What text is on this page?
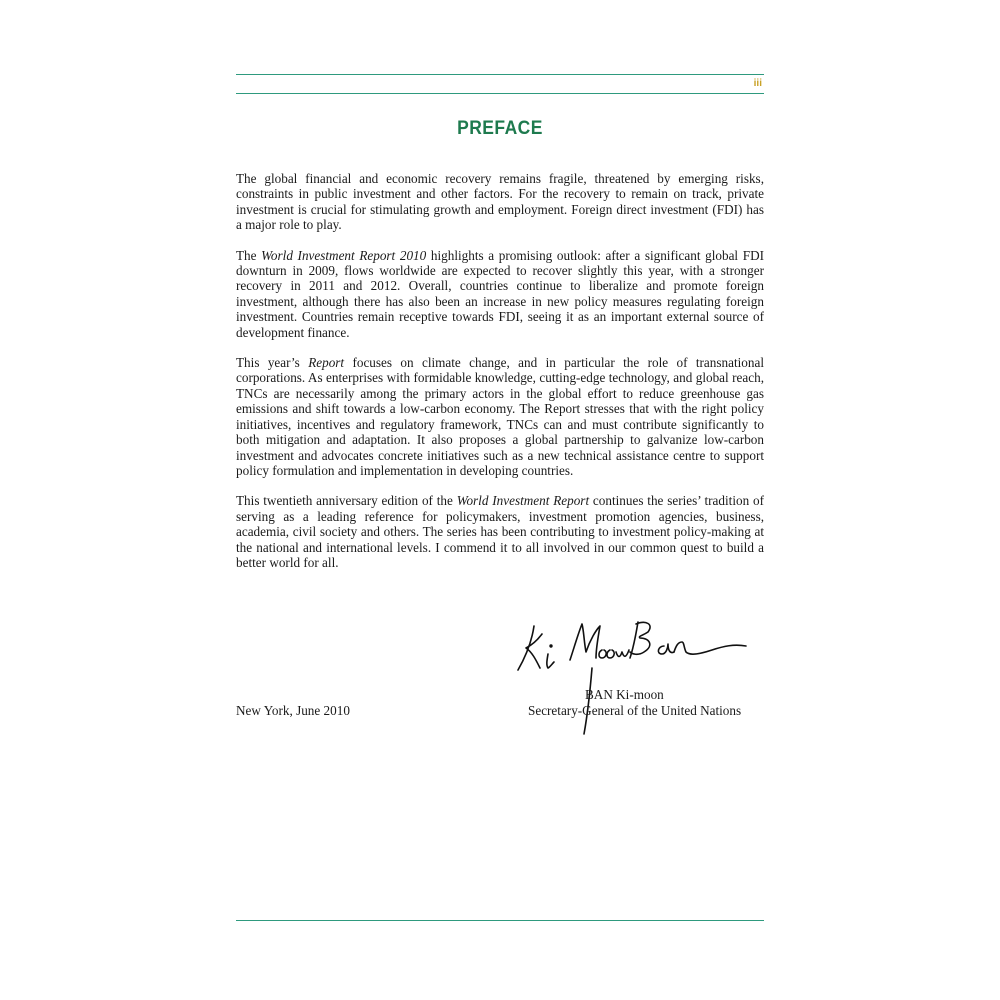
iii
PREFACE

The global financial and economic recovery remains fragile, threatened by emerging risks, constraints in public investment and other factors. For the recovery to remain on track, private investment is crucial for stimulating growth and employment. Foreign direct investment (FDI) has a major role to play.

The World Investment Report 2010 highlights a promising outlook: after a significant global FDI downturn in 2009, flows worldwide are expected to recover slightly this year, with a stronger recovery in 2011 and 2012. Overall, countries continue to liberalize and promote foreign investment, although there has also been an increase in new policy measures regulating foreign investment. Countries remain receptive towards FDI, seeing it as an important external source of development finance.

This year’s Report focuses on climate change, and in particular the role of transnational corporations. As enterprises with formidable knowledge, cutting-edge technology, and global reach, TNCs are necessarily among the primary actors in the global effort to reduce greenhouse gas emissions and shift towards a low-carbon economy. The Report stresses that with the right policy initiatives, incentives and regulatory framework, TNCs can and must contribute significantly to both mitigation and adaptation. It also proposes a global partnership to galvanize low-carbon investment and advocates concrete initiatives such as a new technical assistance centre to support policy formulation and implementation in developing countries.

This twentieth anniversary edition of the World Investment Report continues the series’ tradition of serving as a leading reference for policymakers, investment promotion agencies, business, academia, civil society and others. The series has been contributing to investment policy-making at the national and international levels. I commend it to all involved in our common quest to build a better world for all.

BAN Ki-moon
New York, June 2010	Secretary-General of the United Nations
